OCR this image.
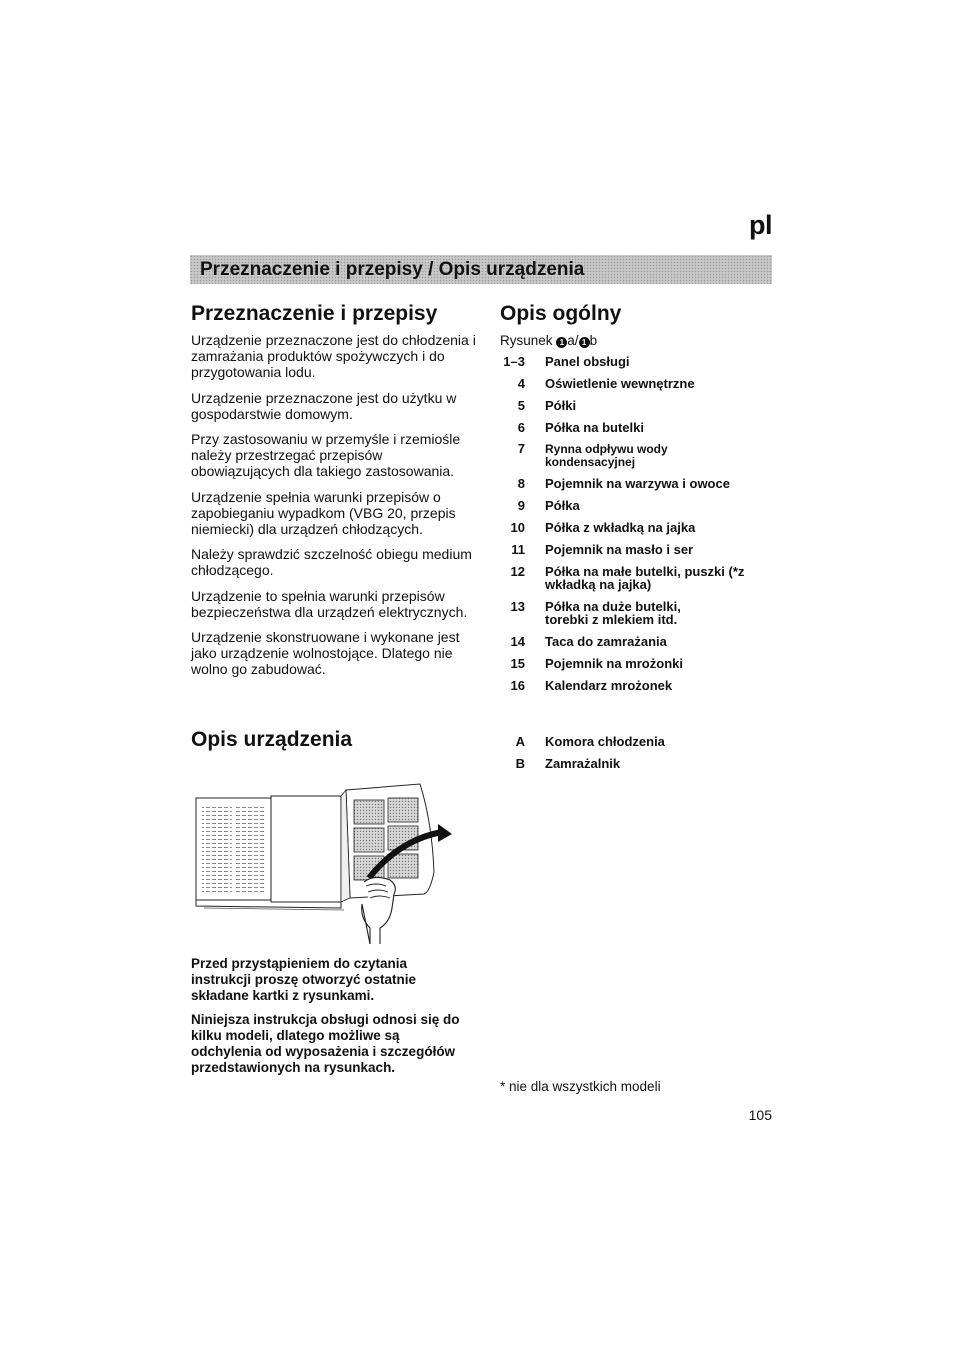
pl
Przeznaczenie i przepisy / Opis urządzenia
Przeznaczenie i przepisy

Urządzenie przeznaczone jest do chłodzenia i zamrażania produktów spożywczych i do przygotowania lodu.

Urządzenie przeznaczone jest do użytku w gospodarstwie domowym.

Przy zastosowaniu w przemyśle i rzemiośle należy przestrzegać przepisów obowiązujących dla takiego zastosowania.

Urządzenie spełnia warunki przepisów o zapobieganiu wypadkom (VBG 20, przepis niemiecki) dla urządzeń chłodzących.

Należy sprawdzić szczelność obiegu medium chłodzącego.

Urządzenie to spełnia warunki przepisów bezpieczeństwa dla urządzeń elektrycznych.

Urządzenie skonstruowane i wykonane jest jako urządzenie wolnostojące. Dlatego nie wolno go zabudować.

Opis urządzenia

Przed przystąpieniem do czytania instrukcji proszę otworzyć ostatnie składane kartki z rysunkami.

Niniejsza instrukcja obsługi odnosi się do kilku modeli, dlatego możliwe są odchylenia od wyposażenia i szczegółów przedstawionych na rysunkach.

Opis ogólny
Rysunek 1 a/ 1 b
1–3 Panel obsługi
4 Oświetlenie wewnętrzne
5 Półki
6 Półka na butelki
7 Rynna odpływu wody kondensacyjnej
8 Pojemnik na warzywa i owoce
9 Półka
10 Półka z wkładką na jajka
11 Pojemnik na masło i ser
12 Półka na małe butelki, puszki (*z wkładką na jajka)
13 Półka na duże butelki, torebki z mlekiem itd.
14 Taca do zamrażania
15 Pojemnik na mrożonki
16 Kalendarz mrożonek
A Komora chłodzenia
B Zamrażalnik
* nie dla wszystkich modeli
105
